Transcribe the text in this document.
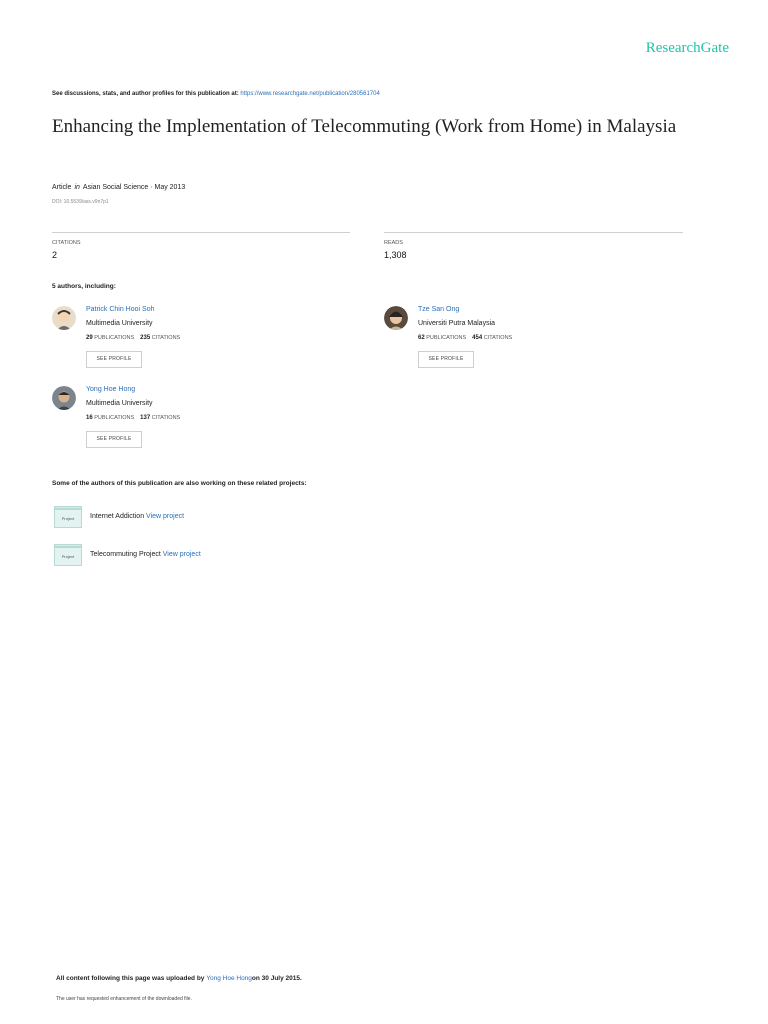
ResearchGate
See discussions, stats, and author profiles for this publication at: https://www.researchgate.net/publication/280561704
Enhancing the Implementation of Telecommuting (Work from Home) in Malaysia
Article in Asian Social Science · May 2013
DOI: 10.5539/ass.v9n7p1
CITATIONS
2
READS
1,308
5 authors, including:
Patrick Chin Hooi Soh
Multimedia University
29 PUBLICATIONS 235 CITATIONS
SEE PROFILE
Tze San Ong
Universiti Putra Malaysia
62 PUBLICATIONS 454 CITATIONS
SEE PROFILE
Yong Hoe Hong
Multimedia University
16 PUBLICATIONS 137 CITATIONS
SEE PROFILE
Some of the authors of this publication are also working on these related projects:
Project	Internet Addiction View project
Project	Telecommuting Project View project
All content following this page was uploaded by Yong Hoe Hongon 30 July 2015.
The user has requested enhancement of the downloaded file.
